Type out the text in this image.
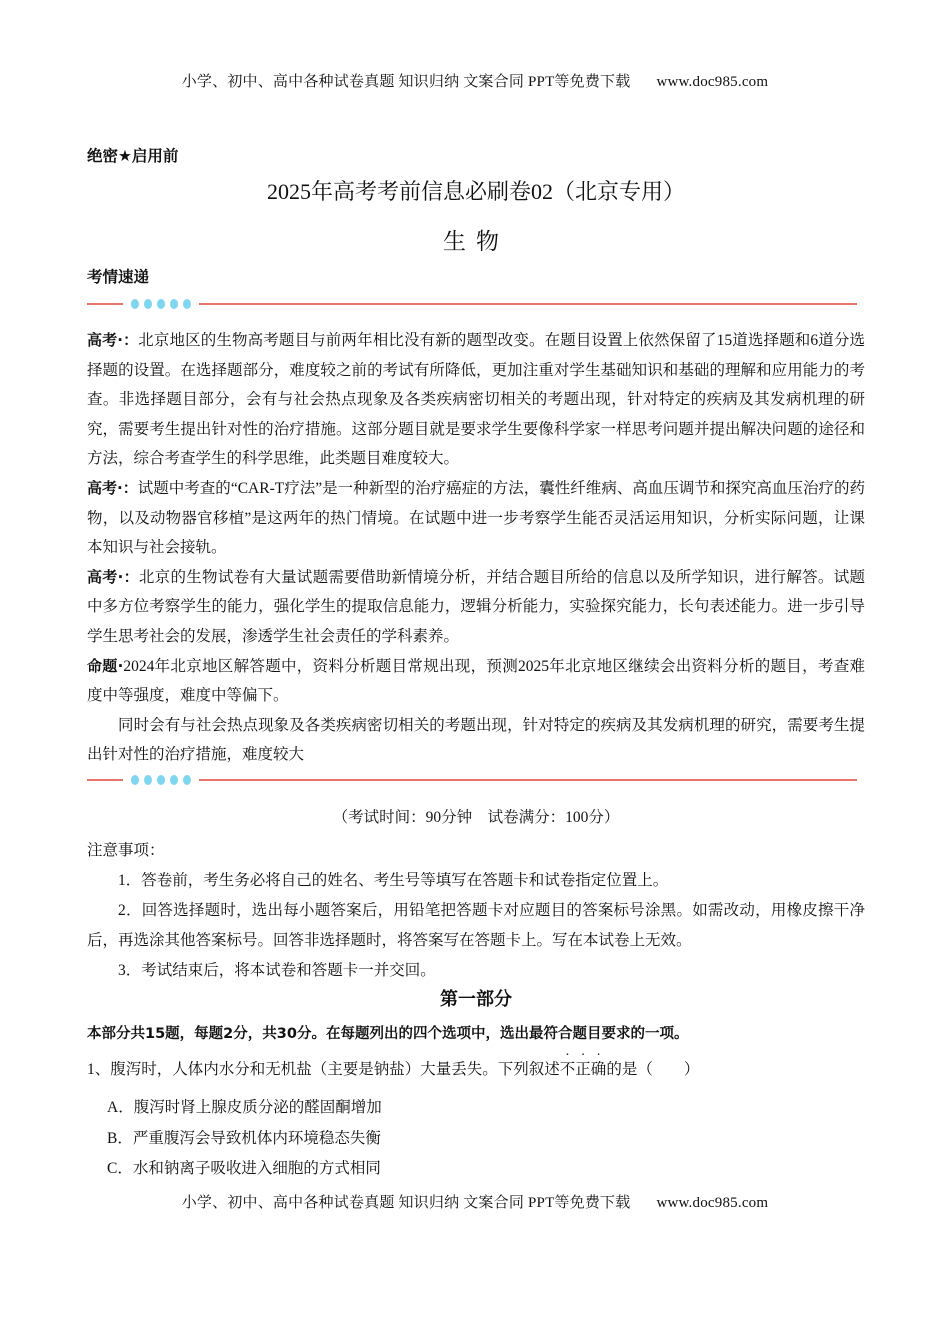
小学、初中、高中各种试卷真题 知识归纳 文案合同 PPT等免费下载 www.doc985.com
绝密★启用前
2025年高考考前信息必刷卷02（北京专用）
生物
考情速递

高考·：北京地区的生物高考题目与前两年相比没有新的题型改变。在题目设置上依然保留了15道选择题和6道分选择题的设置。在选择题部分，难度较之前的考试有所降低，更加注重对学生基础知识和基础的理解和应用能力的考查。非选择题目部分，会有与社会热点现象及各类疾病密切相关的考题出现，针对特定的疾病及其发病机理的研究，需要考生提出针对性的治疗措施。这部分题目就是要求学生要像科学家一样思考问题并提出解决问题的途径和方法，综合考查学生的科学思维，此类题目难度较大。

高考·：试题中考查的“CAR-T疗法”是一种新型的治疗癌症的方法，囊性纤维病、高血压调节和探究高血压治疗的药物，以及动物器官移植”是这两年的热门情境。在试题中进一步考察学生能否灵活运用知识，分析实际问题，让课本知识与社会接轨。

高考·：北京的生物试卷有大量试题需要借助新情境分析，并结合题目所给的信息以及所学知识，进行解答。试题中多方位考察学生的能力，强化学生的提取信息能力，逻辑分析能力，实验探究能力，长句表述能力。进一步引导学生思考社会的发展，渗透学生社会责任的学科素养。

命题·2024年北京地区解答题中，资料分析题目常规出现，预测2025年北京地区继续会出资料分析的题目，考查难度中等强度，难度中等偏下。

同时会有与社会热点现象及各类疾病密切相关的考题出现，针对特定的疾病及其发病机理的研究，需要考生提出针对性的治疗措施，难度较大

（考试时间：90分钟　试卷满分：100分）

注意事项：

1．答卷前，考生务必将自己的姓名、考生号等填写在答题卡和试卷指定位置上。

2．回答选择题时，选出每小题答案后，用铅笔把答题卡对应题目的答案标号涂黑。如需改动，用橡皮擦干净后，再选涂其他答案标号。回答非选择题时，将答案写在答题卡上。写在本试卷上无效。

3．考试结束后，将本试卷和答题卡一并交回。

第一部分
本部分共15题，每题2分，共30分。在每题列出的四个选项中，选出最符合题目要求的一项。
1、腹泻时，人体内水分和无机盐（主要是钠盐）大量丢失。下列叙述不正确的是（　　）
A．腹泻时肾上腺皮质分泌的醛固酮增加
B．严重腹泻会导致机体内环境稳态失衡
C．水和钠离子吸收进入细胞的方式相同
小学、初中、高中各种试卷真题 知识归纳 文案合同 PPT等免费下载 www.doc985.com
